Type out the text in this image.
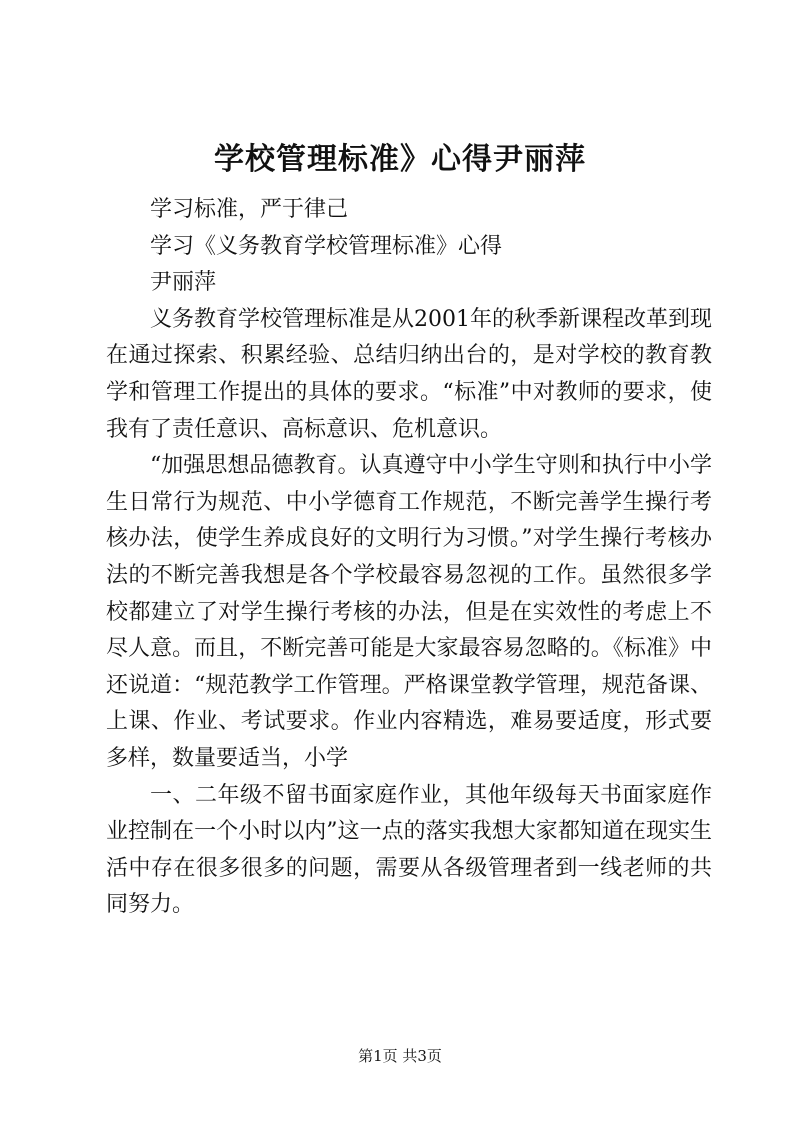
学校管理标准》心得尹丽萍

学习标准，严于律己

学习《义务教育学校管理标准》心得

尹丽萍

义务教育学校管理标准是从2001年的秋季新课程改革到现在通过探索、积累经验、总结归纳出台的，是对学校的教育教学和管理工作提出的具体的要求。“标准”中对教师的要求，使我有了责任意识、高标意识、危机意识。

“加强思想品德教育。认真遵守中小学生守则和执行中小学生日常行为规范、中小学德育工作规范，不断完善学生操行考核办法，使学生养成良好的文明行为习惯。”对学生操行考核办法的不断完善我想是各个学校最容易忽视的工作。虽然很多学校都建立了对学生操行考核的办法，但是在实效性的考虑上不尽人意。而且，不断完善可能是大家最容易忽略的。《标准》中还说道：“规范教学工作管理。严格课堂教学管理，规范备课、上课、作业、考试要求。作业内容精选，难易要适度，形式要多样，数量要适当，小学

一、二年级不留书面家庭作业，其他年级每天书面家庭作业控制在一个小时以内”这一点的落实我想大家都知道在现实生活中存在很多很多的问题，需要从各级管理者到一线老师的共同努力。

第1页 共3页
